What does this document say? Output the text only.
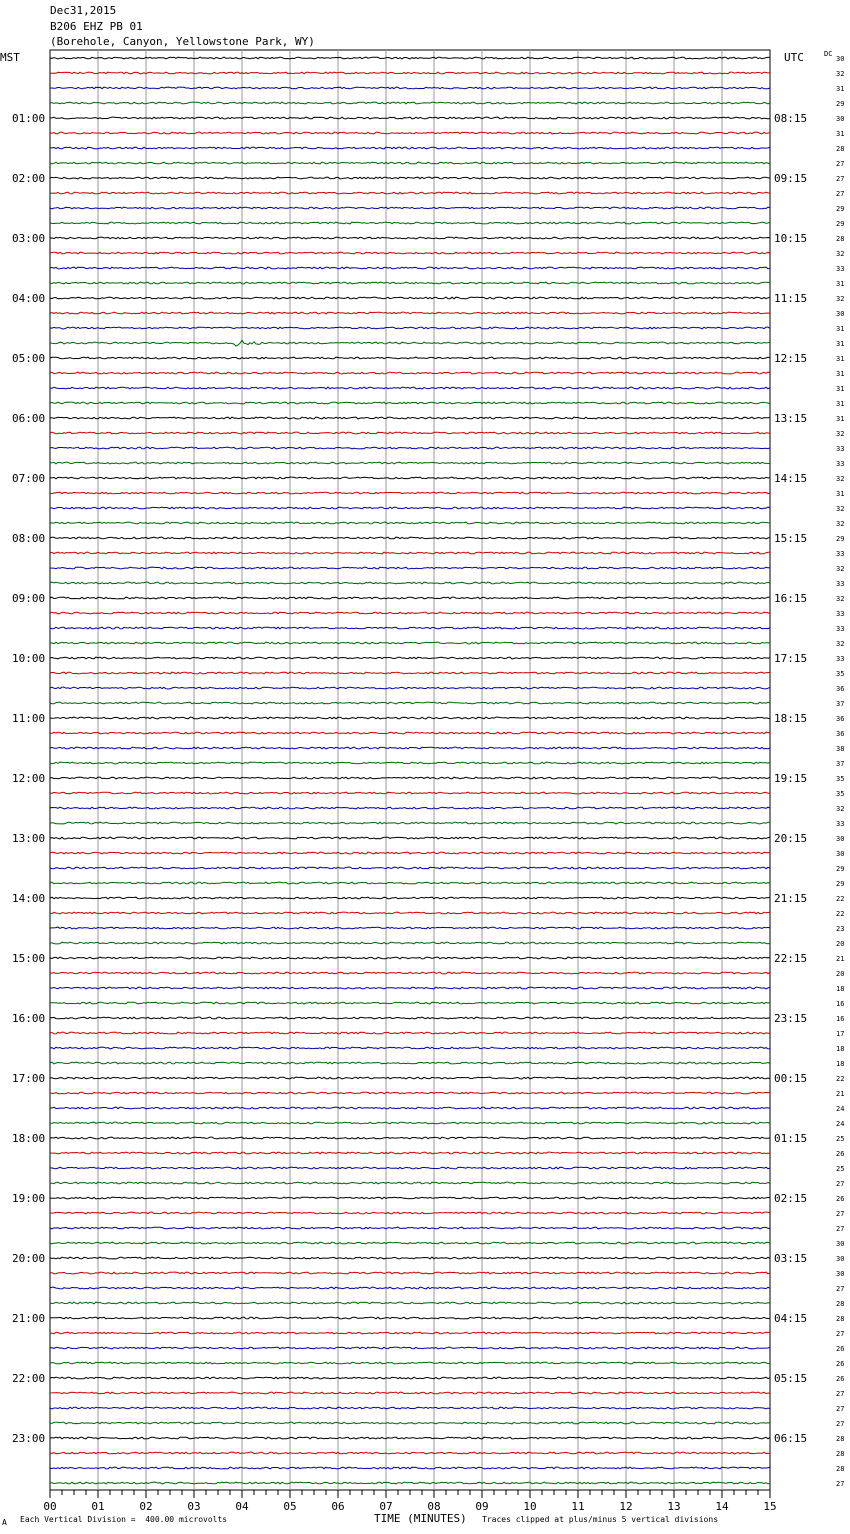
Dec31,2015
B206 EHZ PB 01
(Borehole, Canyon, Yellowstone Park, WY)
30
32
31
29
30
31
28
27
27
27
29
29
28
32
33
31
32
30
31
31
31
31
31
31
31
32
33
33
32
31
32
32
29
33
32
33
32
33
33
32
33
35
36
37
36
36
38
37
35
35
32
33
30
30
29
29
22
22
23
20
21
20
18
16
16
17
18
18
22
21
24
24
25
26
25
27
26
27
27
30
30
30
27
28
28
27
26
26
26
27
27
27
28
28
28
27
DC
MST	UTC
01:00	08:15
02:00	09:15
03:00	10:15
04:00	11:15
05:00	12:15
06:00	13:15
07:00	14:15
08:00	15:15
09:00	16:15
10:00	17:15
11:00	18:15
12:00	19:15
13:00	20:15
14:00	21:15
15:00	22:15
16:00	23:15
17:00	00:15
18:00	01:15
19:00	02:15
20:00	03:15
21:00	04:15
22:00	05:15
23:00	06:15
00	01	02	03	04	05	06	07	08	09	10	11	12	13	14	15
A Each Vertical Division =  400.00 microvolts	TIME (MINUTES) Traces clipped at plus/minus 5 vertical divisions
